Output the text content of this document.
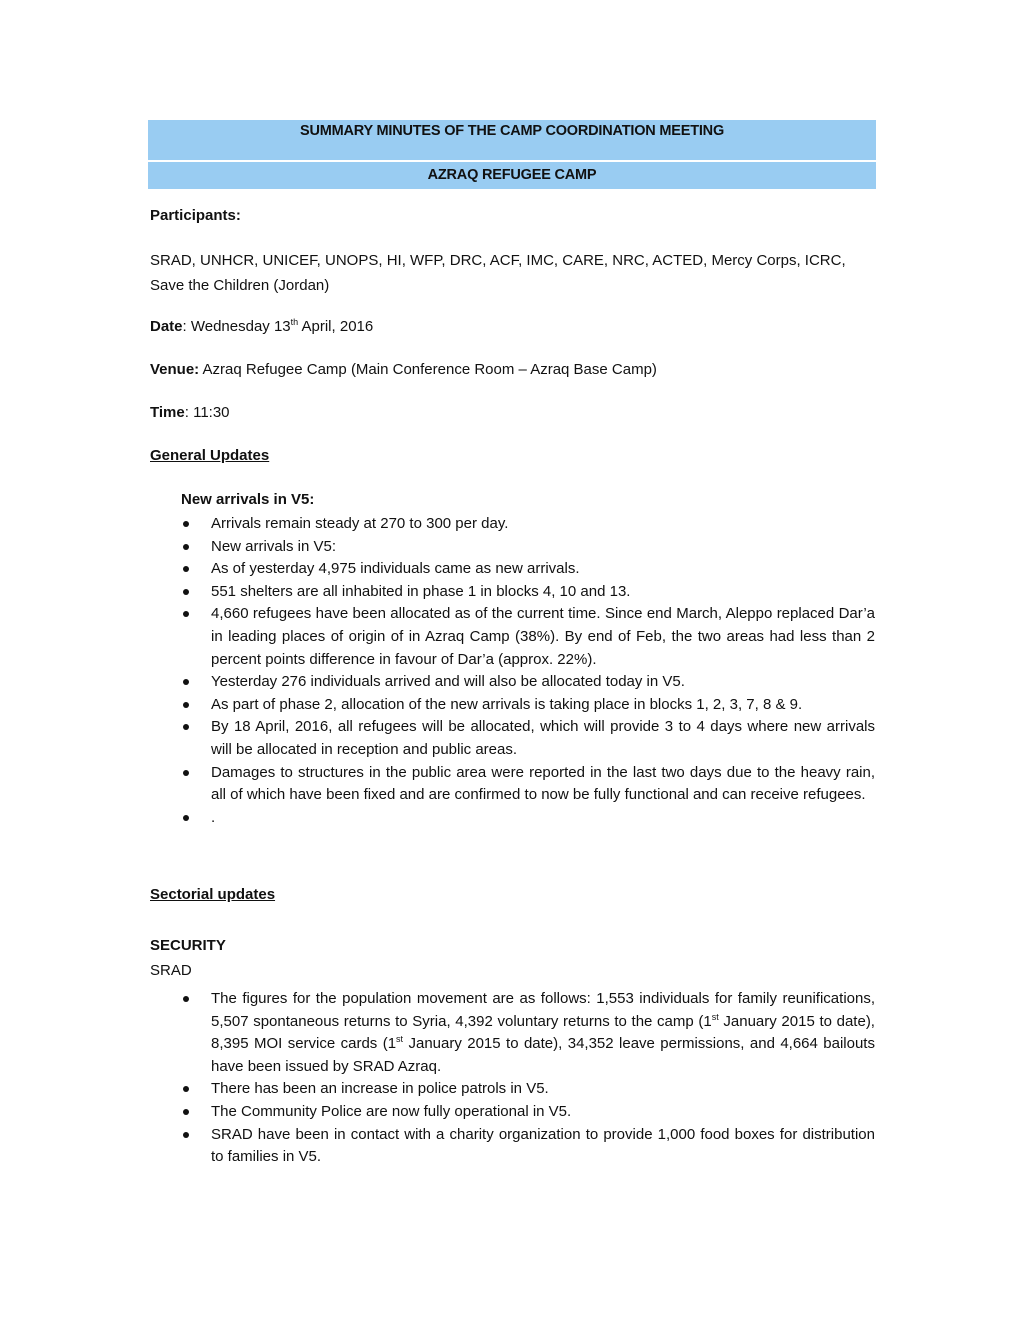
SUMMARY MINUTES OF THE CAMP COORDINATION MEETING
AZRAQ REFUGEE CAMP
Participants:
SRAD, UNHCR, UNICEF, UNOPS, HI, WFP, DRC, ACF, IMC, CARE, NRC, ACTED, Mercy Corps, ICRC, Save the Children (Jordan)
Date: Wednesday 13th April, 2016
Venue: Azraq Refugee Camp (Main Conference Room – Azraq Base Camp)
Time: 11:30
General Updates
New arrivals in V5:
Arrivals remain steady at 270 to 300 per day.
New arrivals in V5:
As of yesterday 4,975 individuals came as new arrivals.
551 shelters are all inhabited in phase 1 in blocks 4, 10 and 13.
4,660 refugees have been allocated as of the current time. Since end March, Aleppo replaced Dar’a in leading places of origin of in Azraq Camp (38%). By end of Feb, the two areas had less than 2 percent points difference in favour of Dar’a (approx. 22%).
Yesterday 276 individuals arrived and will also be allocated today in V5.
As part of phase 2, allocation of the new arrivals is taking place in blocks 1, 2, 3, 7, 8 & 9.
By 18 April, 2016, all refugees will be allocated, which will provide 3 to 4 days where new arrivals will be allocated in reception and public areas.
Damages to structures in the public area were reported in the last two days due to the heavy rain, all of which have been fixed and are confirmed to now be fully functional and can receive refugees.
.
Sectorial updates
SECURITY
SRAD
The figures for the population movement are as follows: 1,553 individuals for family reunifications, 5,507 spontaneous returns to Syria, 4,392 voluntary returns to the camp (1st January 2015 to date), 8,395 MOI service cards (1st January 2015 to date), 34,352 leave permissions, and 4,664 bailouts have been issued by SRAD Azraq.
There has been an increase in police patrols in V5.
The Community Police are now fully operational in V5.
SRAD have been in contact with a charity organization to provide 1,000 food boxes for distribution to families in V5.
